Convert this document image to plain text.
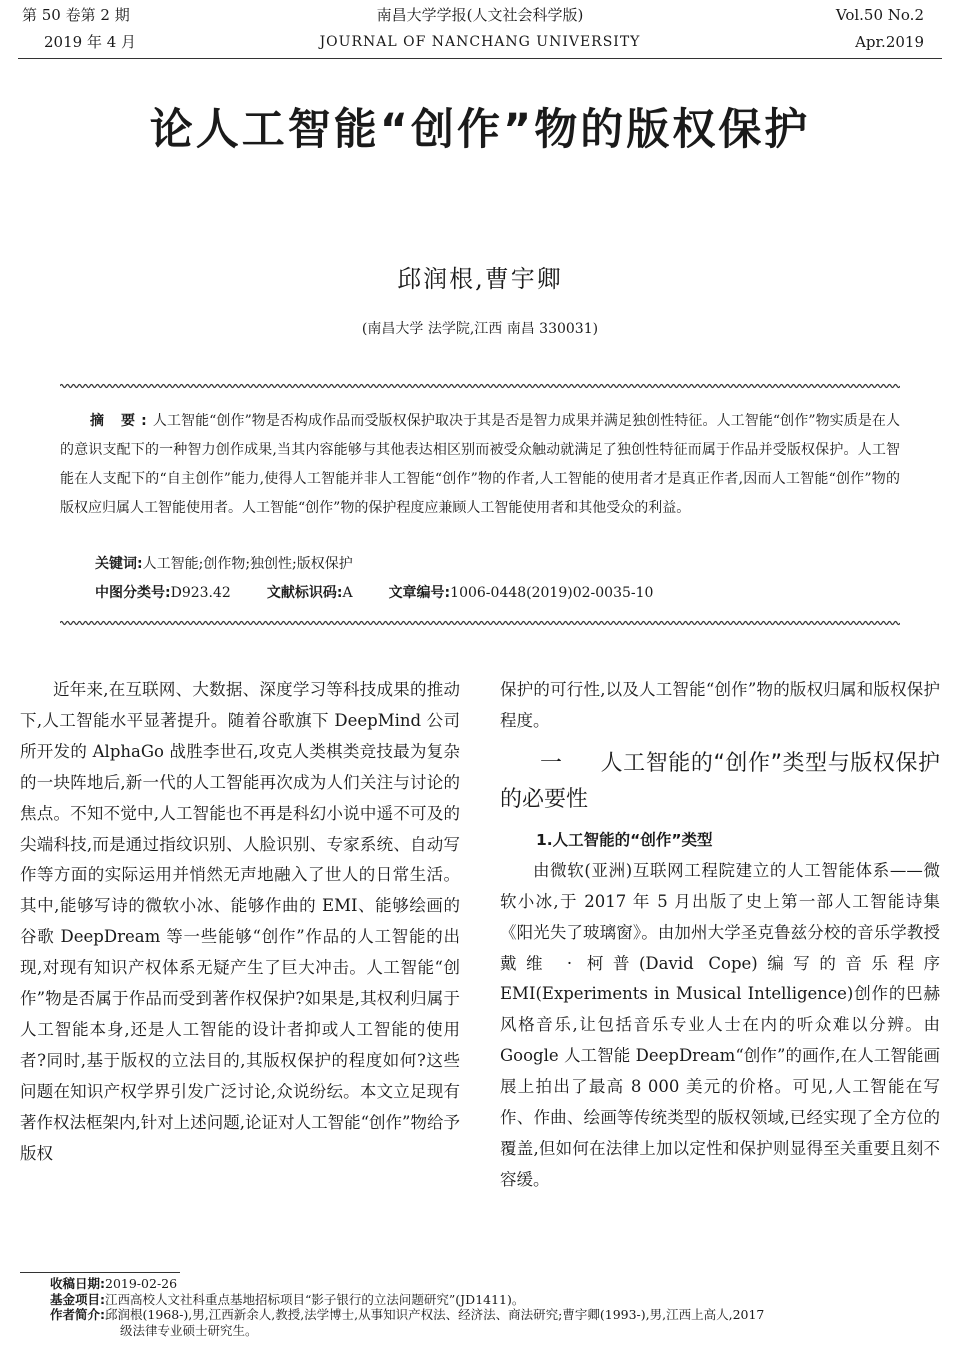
第 50 卷第 2 期
2019 年 4 月
南昌大学学报(人文社会科学版)
JOURNAL OF NANCHANG UNIVERSITY
Vol.50 No.2
Apr.2019
论人工智能“创作”物的版权保护
邱润根,曹宇卿
(南昌大学 法学院,江西 南昌 330031)
摘 要:人工智能“创作”物是否构成作品而受版权保护取决于其是否是智力成果并满足独创性特征。人工智能“创作”物实质是在人的意识支配下的一种智力创作成果,当其内容能够与其他表达相区别而被受众触动就满足了独创性特征而属于作品并受版权保护。人工智能在人支配下的“自主创作”能力,使得人工智能并非人工智能“创作”物的作者,人工智能的使用者才是真正作者,因而人工智能“创作”物的版权应归属人工智能使用者。人工智能“创作”物的保护程度应兼顾人工智能使用者和其他受众的利益。
关键词:人工智能;创作物;独创性;版权保护
中图分类号:D923.42	文献标识码:A	文章编号:1006-0448(2019)02-0035-10

近年来,在互联网、大数据、深度学习等科技成果的推动下,人工智能水平显著提升。随着谷歌旗下 DeepMind 公司所开发的 AlphaGo 战胜李世石,攻克人类棋类竞技最为复杂的一块阵地后,新一代的人工智能再次成为人们关注与讨论的焦点。不知不觉中,人工智能也不再是科幻小说中遥不可及的尖端科技,而是通过指纹识别、人脸识别、专家系统、自动写作等方面的实际运用并悄然无声地融入了世人的日常生活。其中,能够写诗的微软小冰、能够作曲的 EMI、能够绘画的谷歌 DeepDream 等一些能够“创作”作品的人工智能的出现,对现有知识产权体系无疑产生了巨大冲击。人工智能“创作”物是否属于作品而受到著作权保护?如果是,其权利归属于人工智能本身,还是人工智能的设计者抑或人工智能的使用者?同时,基于版权的立法目的,其版权保护的程度如何?这些问题在知识产权学界引发广泛讨论,众说纷纭。本文立足现有著作权法框架内,针对上述问题,论证对人工智能“创作”物给予版权

保护的可行性,以及人工智能“创作”物的版权归属和版权保护程度。

一 人工智能的“创作”类型与版权保护的必要性
1.人工智能的“创作”类型

由微软(亚洲)互联网工程院建立的人工智能体系——微软小冰,于 2017 年 5 月出版了史上第一部人工智能诗集《阳光失了玻璃窗》。由加州大学圣克鲁兹分校的音乐学教授戴维 · 柯普(David Cope)编写的音乐程序 EMI(Experiments in Musical Intelligence)创作的巴赫风格音乐,让包括音乐专业人士在内的听众难以分辨。由 Google 人工智能 DeepDream“创作”的画作,在人工智能画展上拍出了最高 8 000 美元的价格。可见,人工智能在写作、作曲、绘画等传统类型的版权领域,已经实现了全方位的覆盖,但如何在法律上加以定性和保护则显得至关重要且刻不容缓。

收稿日期:2019-02-26

基金项目:江西高校人文社科重点基地招标项目“影子银行的立法问题研究”(JD1411)。

作者简介:邱润根(1968-),男,江西新余人,教授,法学博士,从事知识产权法、经济法、商法研究;曹宇卿(1993-),男,江西上高人,2017

级法律专业硕士研究生。
